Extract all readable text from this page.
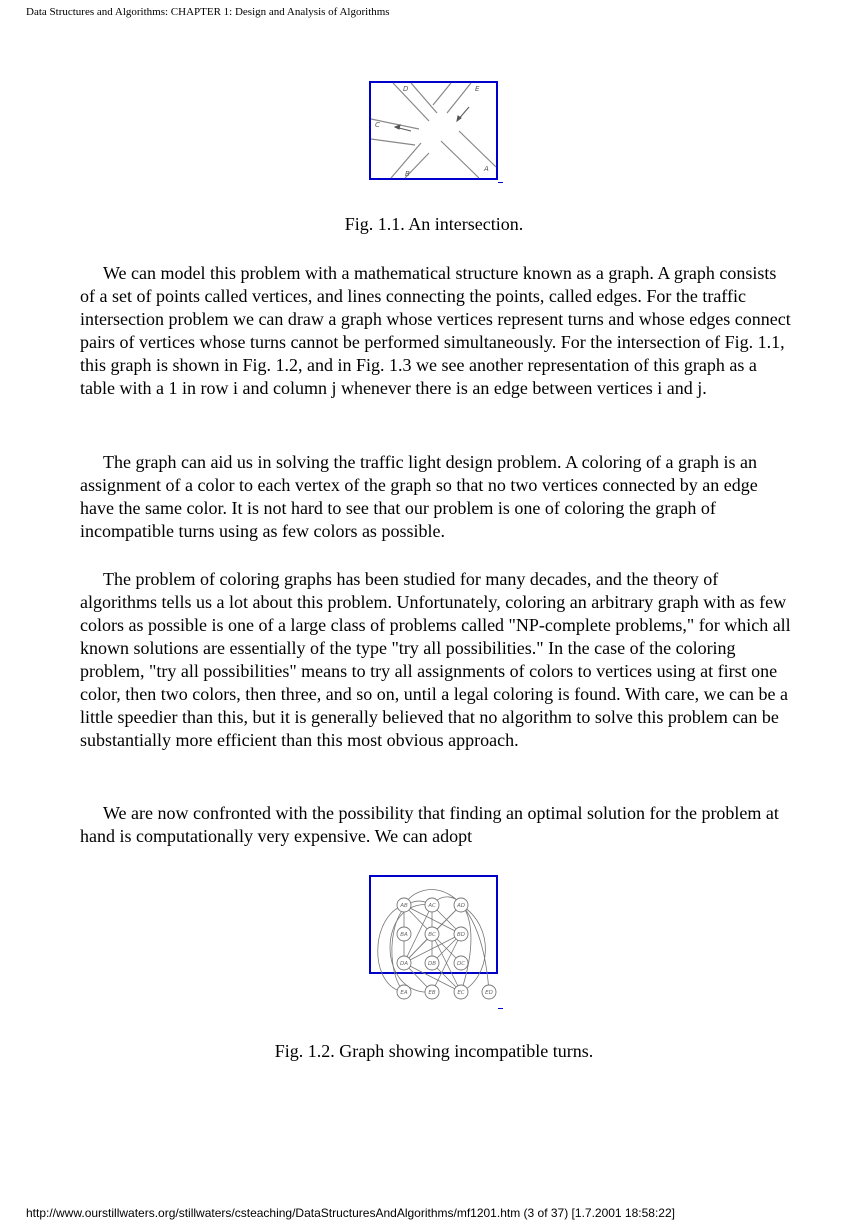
Data Structures and Algorithms: CHAPTER 1: Design and Analysis of Algorithms
D	E
C
B
A
Fig. 1.1. An intersection.

We can model this problem with a mathematical structure known as a graph. A graph consists of a set of points called vertices, and lines connecting the points, called edges. For the traffic intersection problem we can draw a graph whose vertices represent turns and whose edges connect pairs of vertices whose turns cannot be performed simultaneously. For the intersection of Fig. 1.1, this graph is shown in Fig. 1.2, and in Fig. 1.3 we see another representation of this graph as a table with a 1 in row i and column j whenever there is an edge between vertices i and j.

The graph can aid us in solving the traffic light design problem. A coloring of a graph is an assignment of a color to each vertex of the graph so that no two vertices connected by an edge have the same color. It is not hard to see that our problem is one of coloring the graph of incompatible turns using as few colors as possible.

The problem of coloring graphs has been studied for many decades, and the theory of algorithms tells us a lot about this problem. Unfortunately, coloring an arbitrary graph with as few colors as possible is one of a large class of problems called "NP-complete problems," for which all known solutions are essentially of the type "try all possibilities." In the case of the coloring problem, "try all possibilities" means to try all assignments of colors to vertices using at first one color, then two colors, then three, and so on, until a legal coloring is found. With care, we can be a little speedier than this, but it is generally believed that no algorithm to solve this problem can be substantially more efficient than this most obvious approach.

We are now confronted with the possibility that finding an optimal solution for the problem at hand is computationally very expensive. We can adopt

AB	AC	AD
BA	BC	BD
DA	DB	DC
EA	EB	EC	ED
Fig. 1.2. Graph showing incompatible turns.
http://www.ourstillwaters.org/stillwaters/csteaching/DataStructuresAndAlgorithms/mf1201.htm (3 of 37) [1.7.2001 18:58:22]
